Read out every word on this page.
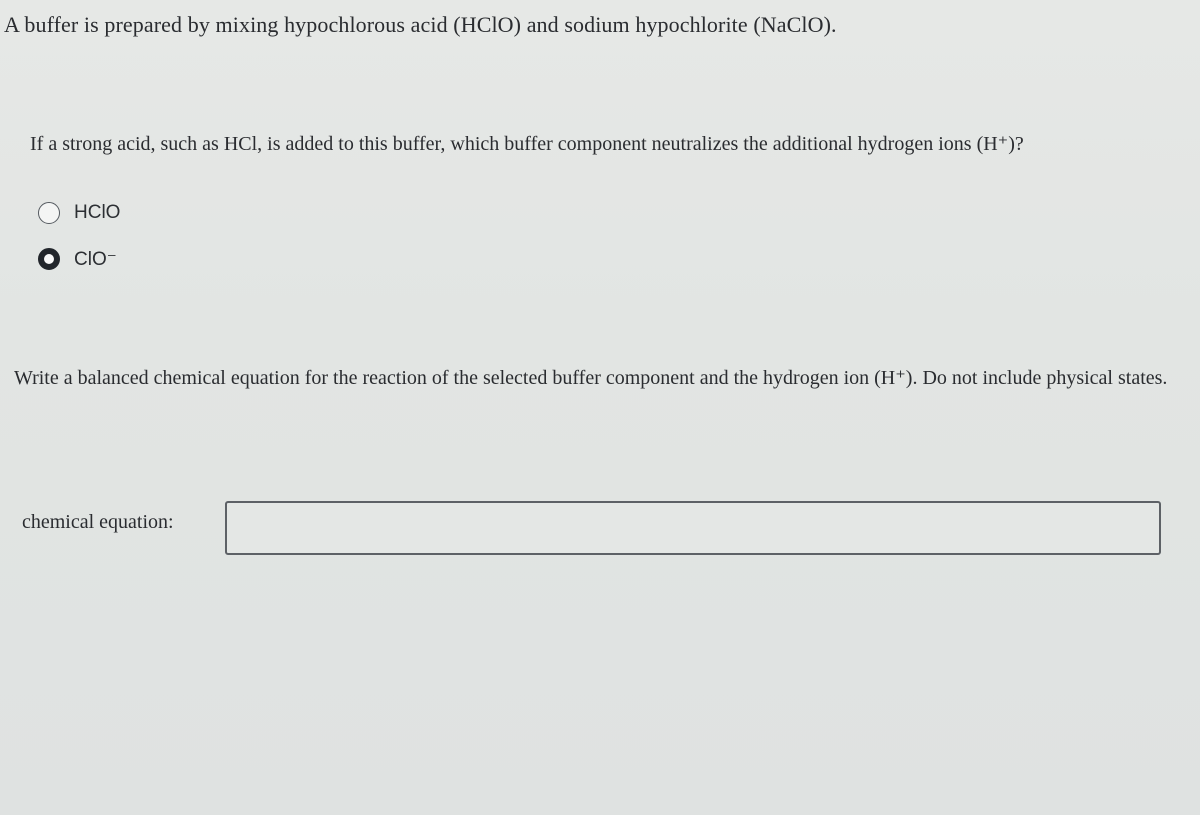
A buffer is prepared by mixing hypochlorous acid (HClO) and sodium hypochlorite (NaClO).
If a strong acid, such as HCl, is added to this buffer, which buffer component neutralizes the additional hydrogen ions (H⁺)?
HClO
ClO⁻
Write a balanced chemical equation for the reaction of the selected buffer component and the hydrogen ion (H⁺). Do not include physical states.
chemical equation:
